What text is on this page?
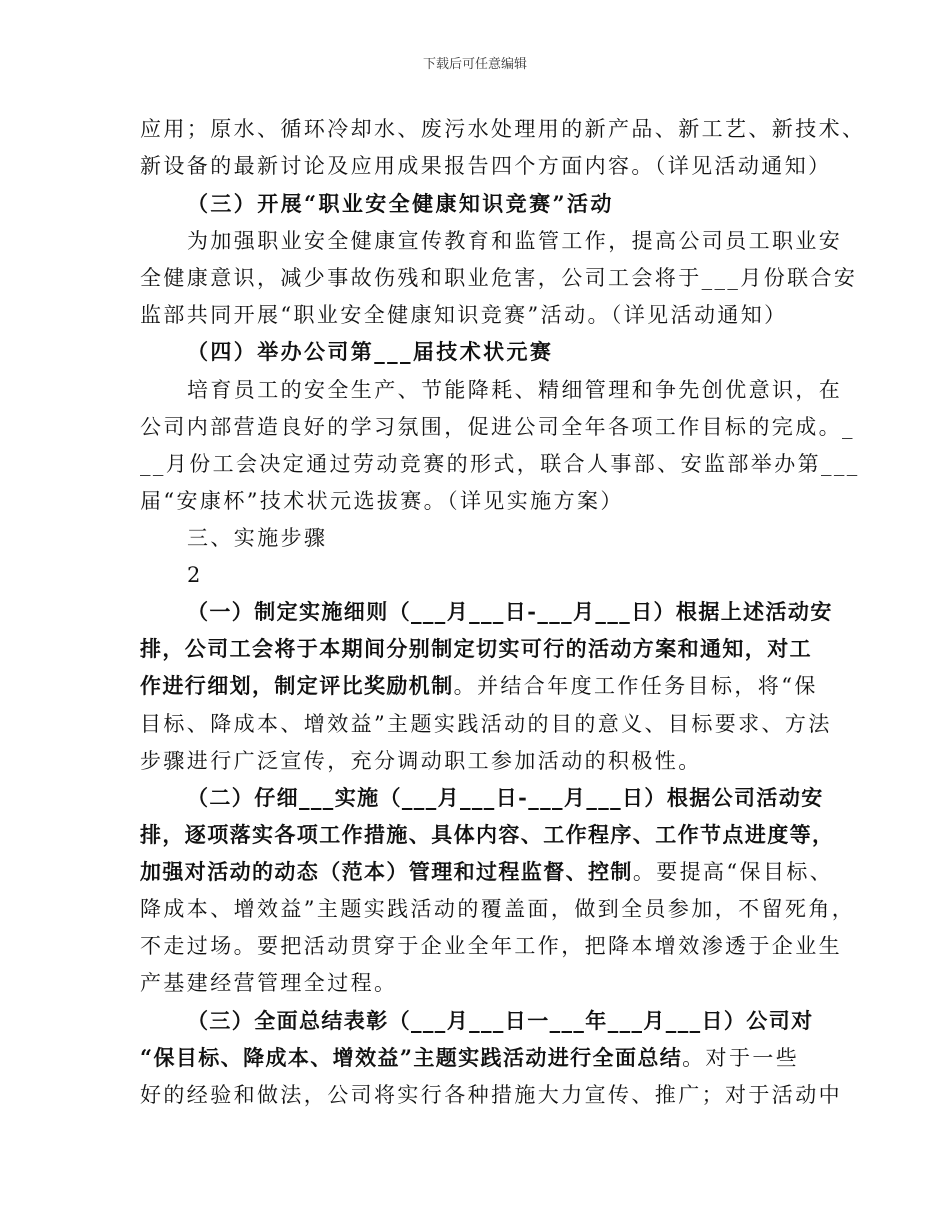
下载后可任意编辑
应用；原水、循环冷却水、废污水处理用的新产品、新工艺、新技术、
新设备的最新讨论及应用成果报告四个方面内容。（详见活动通知）
（三）开展“职业安全健康知识竞赛”活动
为加强职业安全健康宣传教育和监管工作，提高公司员工职业安
全健康意识，减少事故伤残和职业危害，公司工会将于___月份联合安
监部共同开展“职业安全健康知识竞赛”活动。（详见活动通知）
（四）举办公司第___届技术状元赛
培育员工的安全生产、节能降耗、精细管理和争先创优意识，在
公司内部营造良好的学习氛围，促进公司全年各项工作目标的完成。_
__月份工会决定通过劳动竞赛的形式，联合人事部、安监部举办第___
届“安康杯”技术状元选拔赛。（详见实施方案）
三、实施步骤
2
（一）制定实施细则（___月___日-___月___日）根据上述活动安
排，公司工会将于本期间分别制定切实可行的活动方案和通知，对工
作进行细划，制定评比奖励机制。并结合年度工作任务目标，将“保
目标、降成本、增效益”主题实践活动的目的意义、目标要求、方法
步骤进行广泛宣传，充分调动职工参加活动的积极性。
（二）仔细___实施（___月___日-___月___日）根据公司活动安
排，逐项落实各项工作措施、具体内容、工作程序、工作节点进度等，
加强对活动的动态（范本）管理和过程监督、控制。要提高“保目标、
降成本、增效益”主题实践活动的覆盖面，做到全员参加，不留死角，
不走过场。要把活动贯穿于企业全年工作，把降本增效渗透于企业生
产基建经营管理全过程。
（三）全面总结表彰（___月___日一___年___月___日）公司对
“保目标、降成本、增效益”主题实践活动进行全面总结。对于一些
好的经验和做法，公司将实行各种措施大力宣传、推广；对于活动中
